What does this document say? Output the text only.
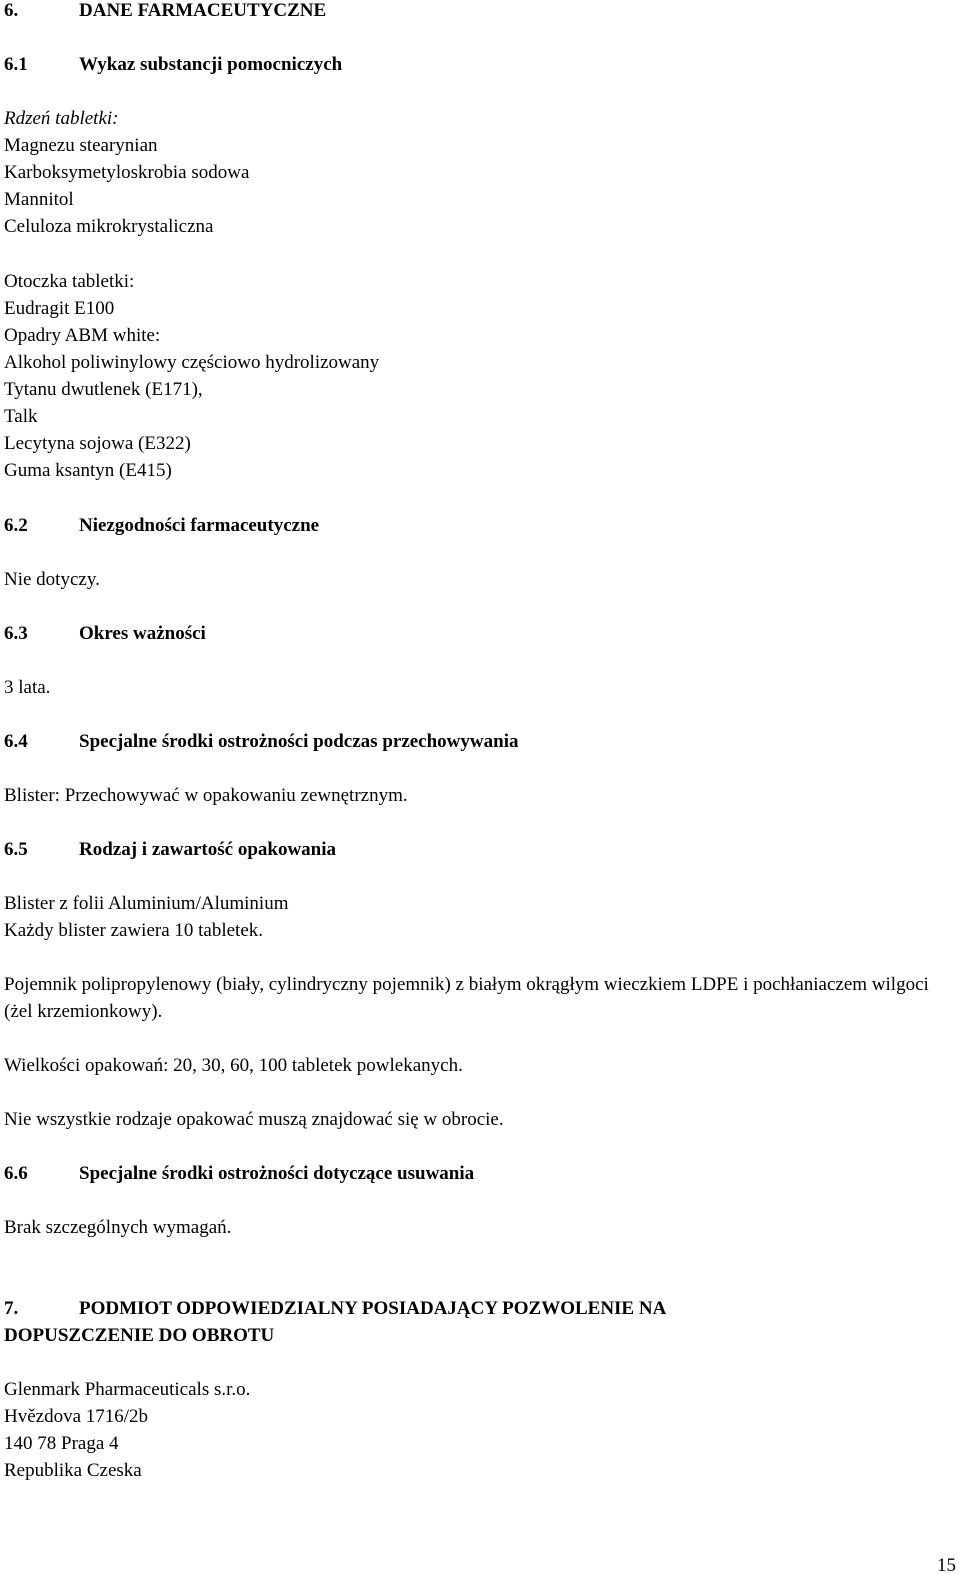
6.	DANE FARMACEUTYCZNE
6.1	Wykaz substancji pomocniczych
Rdzeń tabletki:
Magnezu stearynian
Karboksymetyloskrobia sodowa
Mannitol
Celuloza mikrokrystaliczna
Otoczka tabletki:
Eudragit E100
Opadry ABM white:
Alkohol poliwinylowy częściowo hydrolizowany
Tytanu dwutlenek (E171),
Talk
Lecytyna sojowa (E322)
Guma ksantyn (E415)
6.2	Niezgodności farmaceutyczne
Nie dotyczy.
6.3	Okres ważności
3 lata.
6.4	Specjalne środki ostrożności podczas przechowywania
Blister: Przechowywać w opakowaniu zewnętrznym.
6.5	Rodzaj i zawartość opakowania
Blister z folii Aluminium/Aluminium
Każdy blister zawiera 10 tabletek.
Pojemnik polipropylenowy (biały, cylindryczny pojemnik) z białym okrągłym wieczkiem LDPE i pochłaniaczem wilgoci (żel krzemionkowy).
Wielkości opakowań: 20, 30, 60, 100 tabletek powlekanych.
Nie wszystkie rodzaje opakować muszą znajdować się w obrocie.
6.6	Specjalne środki ostrożności dotyczące usuwania
Brak szczególnych wymagań.
7.	PODMIOT ODPOWIEDZIALNY POSIADAJĄCY POZWOLENIE NA
DOPUSZCZENIE DO OBROTU
Glenmark Pharmaceuticals s.r.o.
Hvězdova 1716/2b
140 78 Praga 4
Republika Czeska
15
